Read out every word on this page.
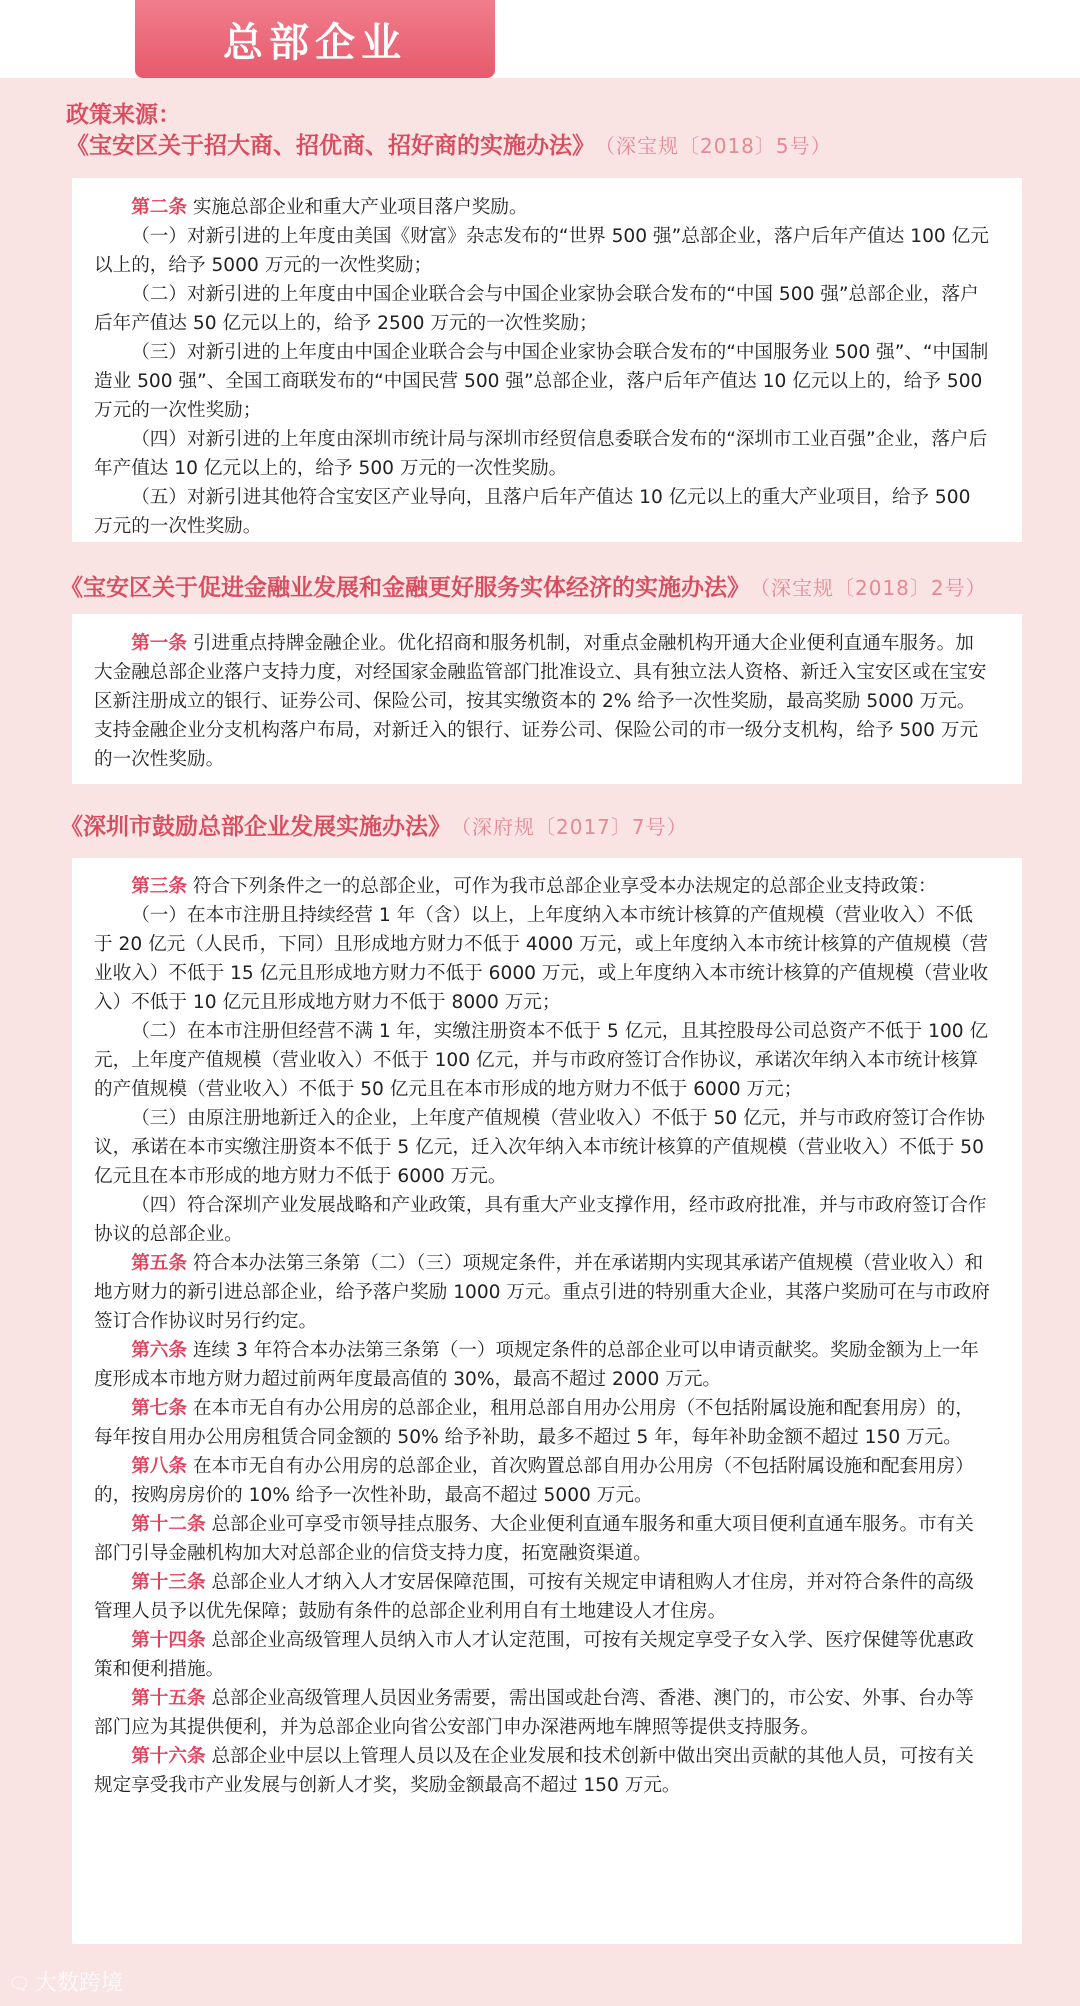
总部企业
政策来源：
《宝安区关于招大商、招优商、招好商的实施办法》 （深宝规〔2018〕5号）

第二条 实施总部企业和重大产业项目落户奖励。

（一）对新引进的上年度由美国《财富》杂志发布的“世界 500 强”总部企业，落户后年产值达 100 亿元以上的，给予 5000 万元的一次性奖励；

（二）对新引进的上年度由中国企业联合会与中国企业家协会联合发布的“中国 500 强”总部企业，落户后年产值达 50 亿元以上的，给予 2500 万元的一次性奖励；

（三）对新引进的上年度由中国企业联合会与中国企业家协会联合发布的“中国服务业 500 强”、“中国制造业 500 强”、全国工商联发布的“中国民营 500 强”总部企业，落户后年产值达 10 亿元以上的，给予 500 万元的一次性奖励；

（四）对新引进的上年度由深圳市统计局与深圳市经贸信息委联合发布的“深圳市工业百强”企业，落户后年产值达 10 亿元以上的，给予 500 万元的一次性奖励。

（五）对新引进其他符合宝安区产业导向，且落户后年产值达 10 亿元以上的重大产业项目，给予 500 万元的一次性奖励。

《宝安区关于促进金融业发展和金融更好服务实体经济的实施办法》 （深宝规〔2018〕2号）

第一条 引进重点持牌金融企业。优化招商和服务机制，对重点金融机构开通大企业便利直通车服务。加大金融总部企业落户支持力度，对经国家金融监管部门批准设立、具有独立法人资格、新迁入宝安区或在宝安区新注册成立的银行、证券公司、保险公司，按其实缴资本的 2% 给予一次性奖励，最高奖励 5000 万元。支持金融企业分支机构落户布局，对新迁入的银行、证券公司、保险公司的市一级分支机构，给予 500 万元的一次性奖励。

《深圳市鼓励总部企业发展实施办法》 （深府规〔2017〕7号）

第三条 符合下列条件之一的总部企业，可作为我市总部企业享受本办法规定的总部企业支持政策：

（一）在本市注册且持续经营 1 年（含）以上，上年度纳入本市统计核算的产值规模（营业收入）不低于 20 亿元（人民币，下同）且形成地方财力不低于 4000 万元，或上年度纳入本市统计核算的产值规模（营业收入）不低于 15 亿元且形成地方财力不低于 6000 万元，或上年度纳入本市统计核算的产值规模（营业收入）不低于 10 亿元且形成地方财力不低于 8000 万元；

（二）在本市注册但经营不满 1 年，实缴注册资本不低于 5 亿元，且其控股母公司总资产不低于 100 亿元，上年度产值规模（营业收入）不低于 100 亿元，并与市政府签订合作协议，承诺次年纳入本市统计核算的产值规模（营业收入）不低于 50 亿元且在本市形成的地方财力不低于 6000 万元；

（三）由原注册地新迁入的企业，上年度产值规模（营业收入）不低于 50 亿元，并与市政府签订合作协议，承诺在本市实缴注册资本不低于 5 亿元，迁入次年纳入本市统计核算的产值规模（营业收入）不低于 50 亿元且在本市形成的地方财力不低于 6000 万元。

（四）符合深圳产业发展战略和产业政策，具有重大产业支撑作用，经市政府批准，并与市政府签订合作协议的总部企业。

第五条 符合本办法第三条第（二）（三）项规定条件，并在承诺期内实现其承诺产值规模（营业收入）和地方财力的新引进总部企业，给予落户奖励 1000 万元。重点引进的特别重大企业，其落户奖励可在与市政府签订合作协议时另行约定。

第六条 连续 3 年符合本办法第三条第（一）项规定条件的总部企业可以申请贡献奖。奖励金额为上一年度形成本市地方财力超过前两年度最高值的 30%，最高不超过 2000 万元。

第七条 在本市无自有办公用房的总部企业，租用总部自用办公用房（不包括附属设施和配套用房）的，每年按自用办公用房租赁合同金额的 50% 给予补助，最多不超过 5 年，每年补助金额不超过 150 万元。

第八条 在本市无自有办公用房的总部企业，首次购置总部自用办公用房（不包括附属设施和配套用房）的，按购房房价的 10% 给予一次性补助，最高不超过 5000 万元。

第十二条 总部企业可享受市领导挂点服务、大企业便利直通车服务和重大项目便利直通车服务。市有关部门引导金融机构加大对总部企业的信贷支持力度，拓宽融资渠道。

第十三条 总部企业人才纳入人才安居保障范围，可按有关规定申请租购人才住房，并对符合条件的高级管理人员予以优先保障；鼓励有条件的总部企业利用自有土地建设人才住房。

第十四条 总部企业高级管理人员纳入市人才认定范围，可按有关规定享受子女入学、医疗保健等优惠政策和便利措施。

第十五条 总部企业高级管理人员因业务需要，需出国或赴台湾、香港、澳门的，市公安、外事、台办等部门应为其提供便利，并为总部企业向省公安部门申办深港两地车牌照等提供支持服务。

第十六条 总部企业中层以上管理人员以及在企业发展和技术创新中做出突出贡献的其他人员，可按有关规定享受我市产业发展与创新人才奖，奖励金额最高不超过 150 万元。

🗨 大数跨境
